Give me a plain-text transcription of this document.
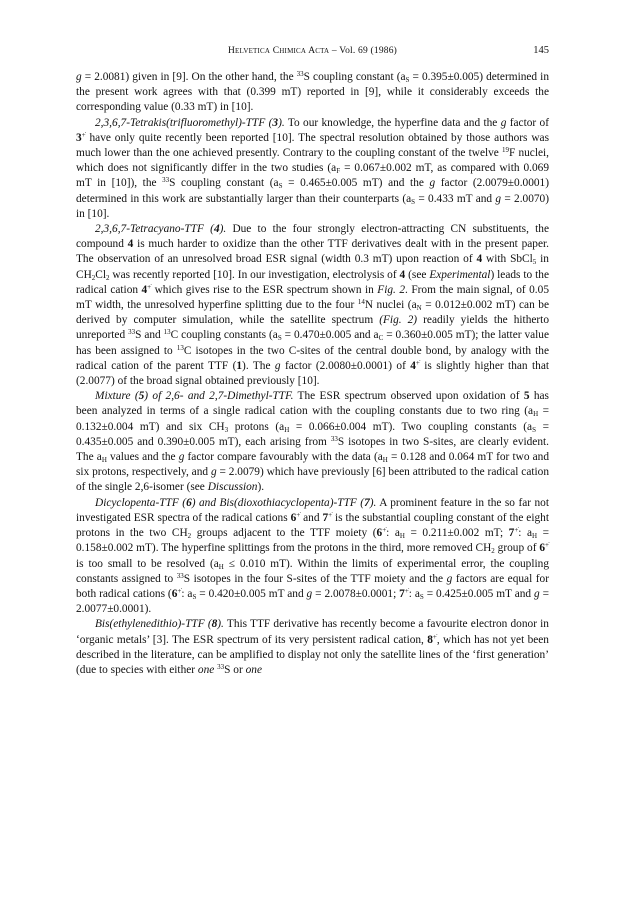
Helvetica Chimica Acta – Vol. 69 (1986)	145

g = 2.0081) given in [9]. On the other hand, the $^{33}$S coupling constant $(a_S = 0.395\pm 0.005)$ determined in the present work agrees with that (0.399 mT) reported in [9], while it considerably exceeds the corresponding value (0.33 mT) in [10].

2,3,6,7-Tetrakis(trifluoromethyl)-TTF (3). To our knowledge, the hyperfine data and the g factor of 3+̇ have only quite recently been reported [10]. The spectral resolution obtained by those authors was much lower than the one achieved presently. Contrary to the coupling constant of the twelve $^{19}$F nuclei, which does not significantly differ in the two studies ($a_F = 0.067\pm 0.002$ mT, as compared with 0.069 mT in [10]), the $^{33}$S coupling constant ($a_S = 0.465\pm 0.005$ mT) and the g factor (2.0079±0.0001) determined in this work are substantially larger than their counterparts ($a_S = 0.433$ mT and g = 2.0070) in [10].

2,3,6,7-Tetracyano-TTF (4). Due to the four strongly electron-attracting CN substituents, the compound 4 is much harder to oxidize than the other TTF derivatives dealt with in the present paper. The observation of an unresolved broad ESR signal (width 0.3 mT) upon reaction of 4 with SbCl$_5$ in $CH_2Cl_2$ was recently reported [10]. In our investigation, electrolysis of 4 (see Experimental) leads to the radical cation 4+̇ which gives rise to the ESR spectrum shown in Fig. 2. From the main signal, of 0.05 mT width, the unresolved hyperfine splitting due to the four $^{14}$N nuclei ($a_N = 0.012\pm 0.002$ mT) can be derived by computer simulation, while the satellite spectrum (Fig. 2) readily yields the hitherto unreported $^{33}$S and $^{13}$C coupling constants ($a_S = 0.470\pm 0.005$ and $a_C = 0.360\pm 0.005$ mT); the latter value has been assigned to $^{13}$C isotopes in the two C-sites of the central double bond, by analogy with the radical cation of the parent TTF (1). The g factor (2.0080±0.0001) of 4+̇ is slightly higher than that (2.0077) of the broad signal obtained previously [10].

Mixture (5) of 2,6- and 2,7-Dimethyl-TTF. The ESR spectrum observed upon oxidation of 5 has been analyzed in terms of a single radical cation with the coupling constants due to two ring ($a_H = 0.132\pm 0.004$ mT) and six $CH_3$ protons ($a_H = 0.066\pm 0.004$ mT). Two coupling constants ($a_S = 0.435\pm 0.005$ and 0.390±0.005 mT), each arising from $^{33}$S isotopes in two S-sites, are clearly evident. The $a_H$ values and the g factor compare favourably with the data ($a_H = 0.128$ and 0.064 mT for two and six protons, respectively, and g = 2.0079) which have previously [6] been attributed to the radical cation of the single 2,6-isomer (see Discussion).

Dicyclopenta-TTF (6) and Bis(dioxothiacyclopenta)-TTF (7). A prominent feature in the so far not investigated ESR spectra of the radical cations 6+̇ and 7+̇ is the substantial coupling constant of the eight protons in the two $CH_2$ groups adjacent to the TTF moiety (6+̇: $a_H = 0.211\pm 0.002$ mT; 7+̇: $a_H = 0.158\pm 0.002$ mT). The hyperfine splittings from the protons in the third, more removed $CH_2$ group of 6+̇ is too small to be resolved ($a_H \le 0.010$ mT). Within the limits of experimental error, the coupling constants assigned to $^{33}$S isotopes in the four S-sites of the TTF moiety and the g factors are equal for both radical cations (6+̇: $a_S = 0.420\pm 0.005$ mT and g = 2.0078±0.0001; 7+̇: $a_S = 0.425\pm 0.005$ mT and g = 2.0077±0.0001).

Bis(ethylenedithio)-TTF (8). This TTF derivative has recently become a favourite electron donor in ‘organic metals’ [3]. The ESR spectrum of its very persistent radical cation, 8+̇, which has not yet been described in the literature, can be amplified to display not only the satellite lines of the ‘first generation’ (due to species with either one $^{33}$S or one
